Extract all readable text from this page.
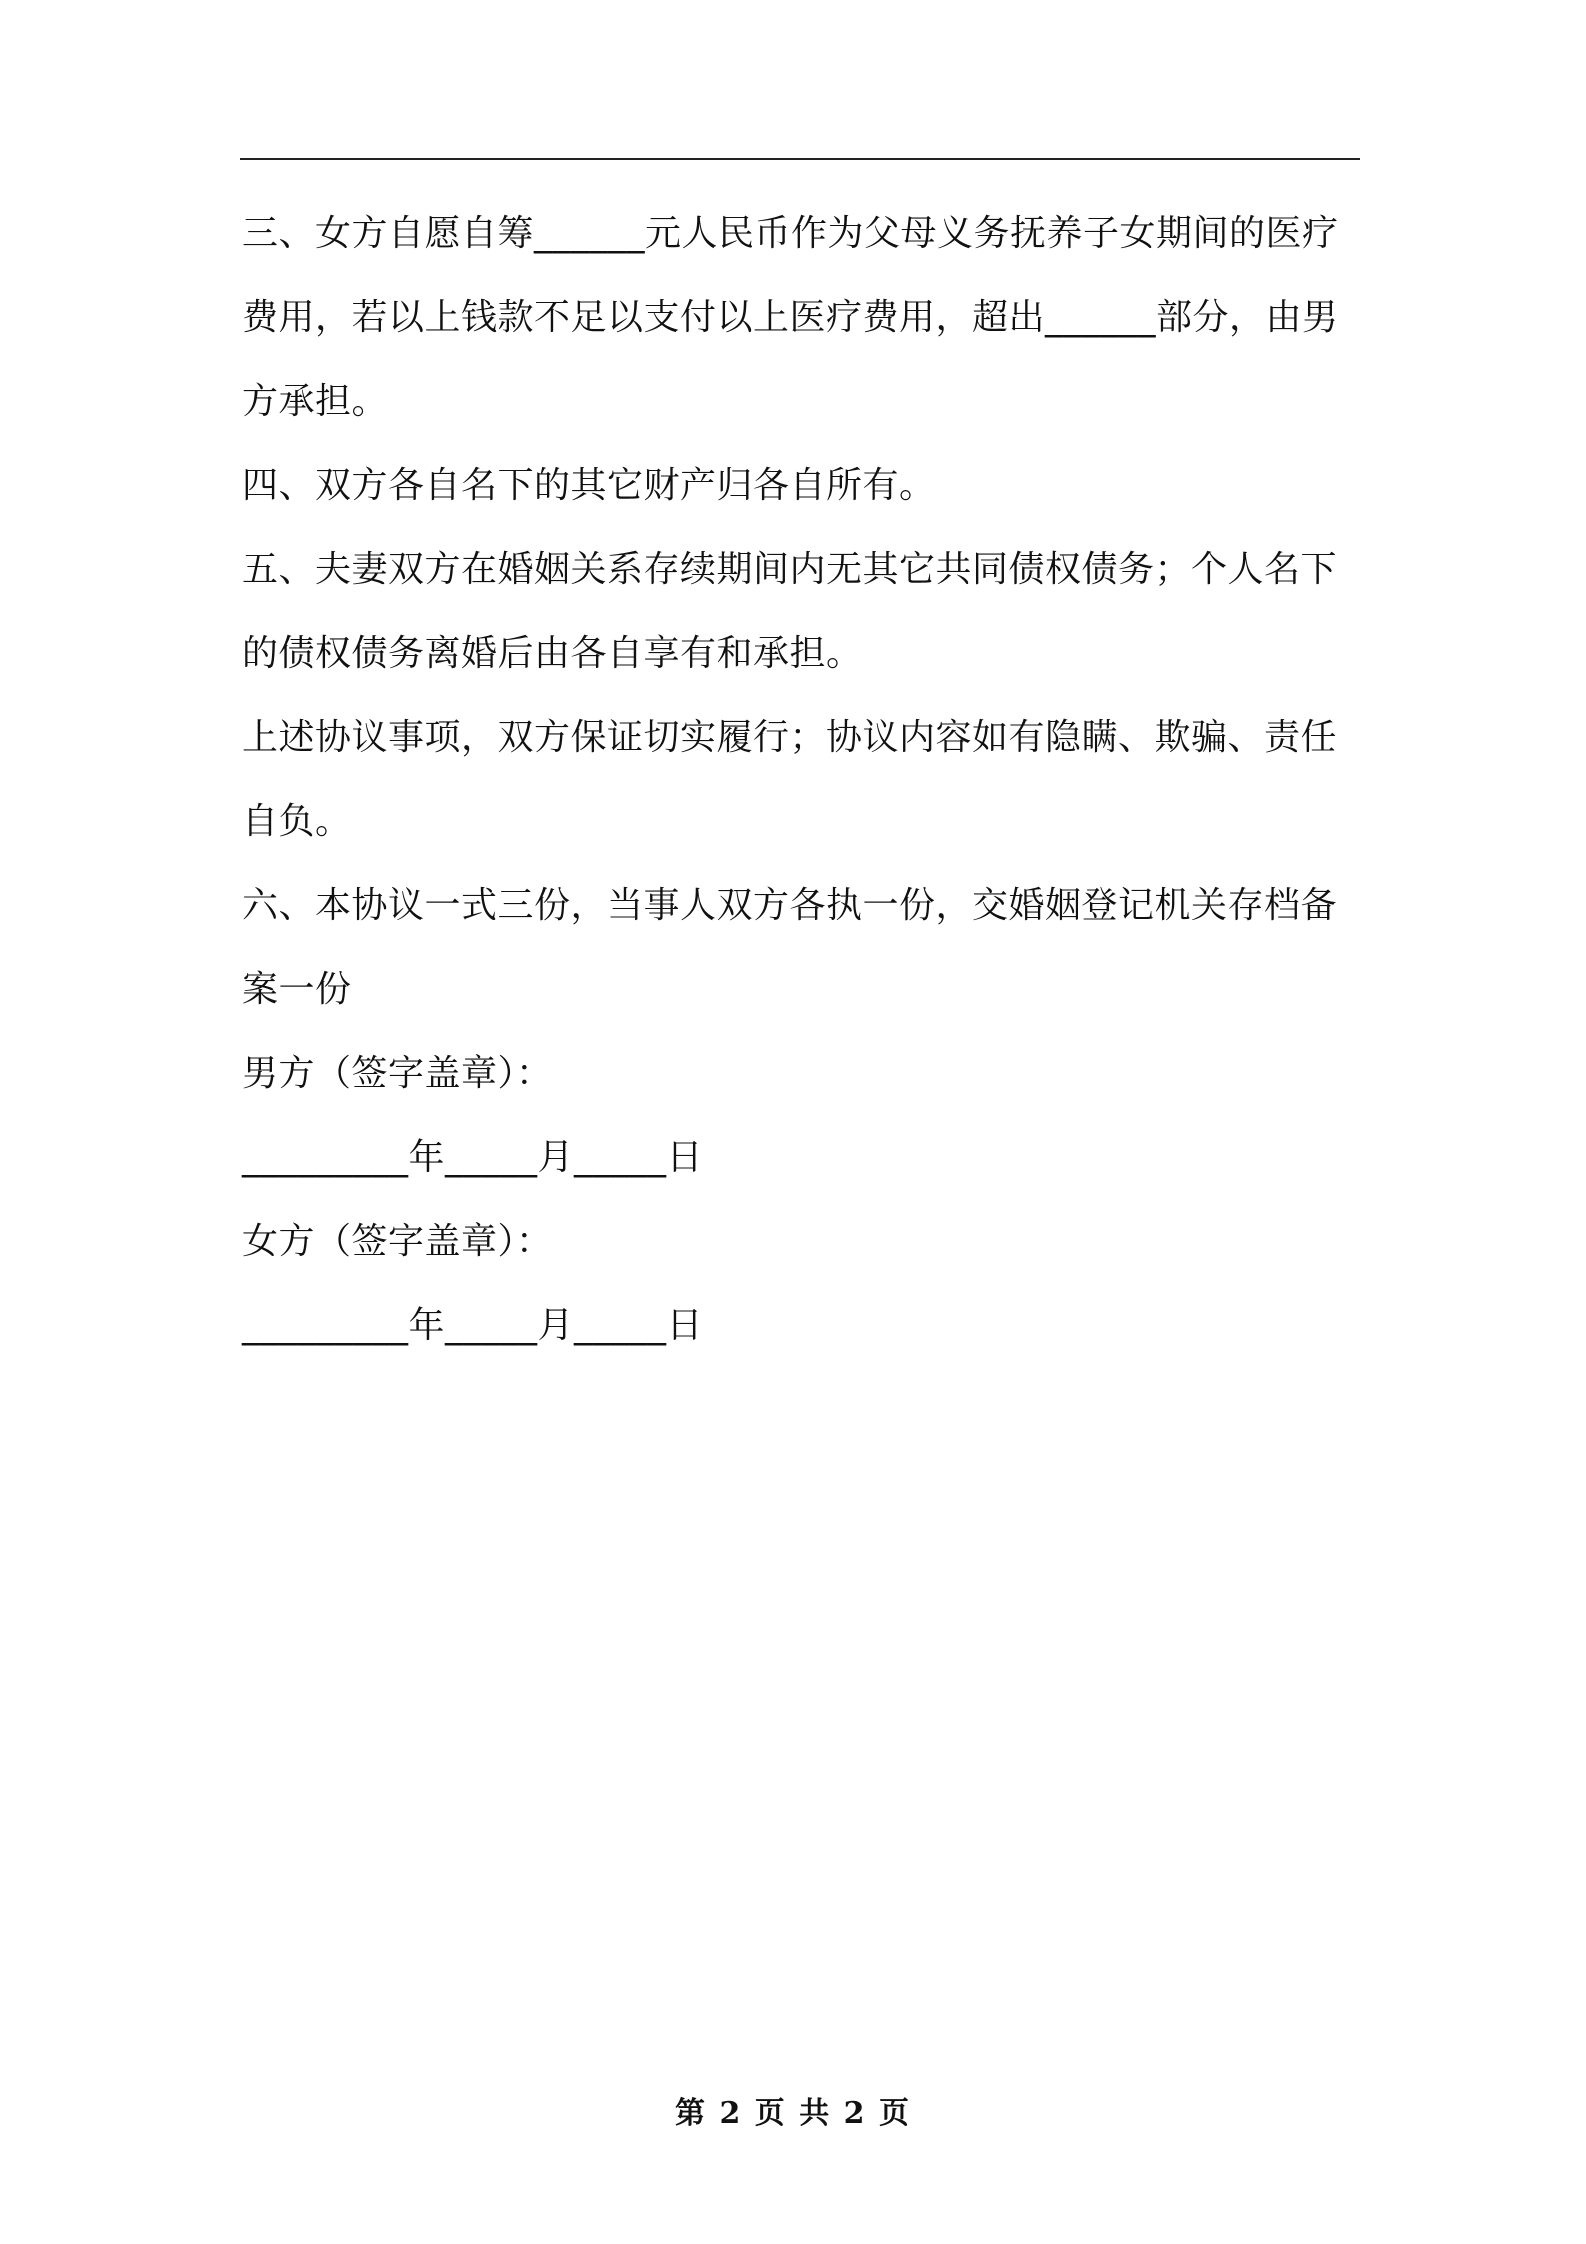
三、女方自愿自筹______元人民币作为父母义务抚养子女期间的医疗费用，若以上钱款不足以支付以上医疗费用，超出______部分，由男方承担。

四、双方各自名下的其它财产归各自所有。

五、夫妻双方在婚姻关系存续期间内无其它共同债权债务；个人名下的债权债务离婚后由各自享有和承担。

上述协议事项，双方保证切实履行；协议内容如有隐瞒、欺骗、责任自负。

六、本协议一式三份，当事人双方各执一份，交婚姻登记机关存档备案一份

男方（签字盖章）：

_________年_____月_____日

女方（签字盖章）：

_________年_____月_____日

第 2 页 共 2 页
